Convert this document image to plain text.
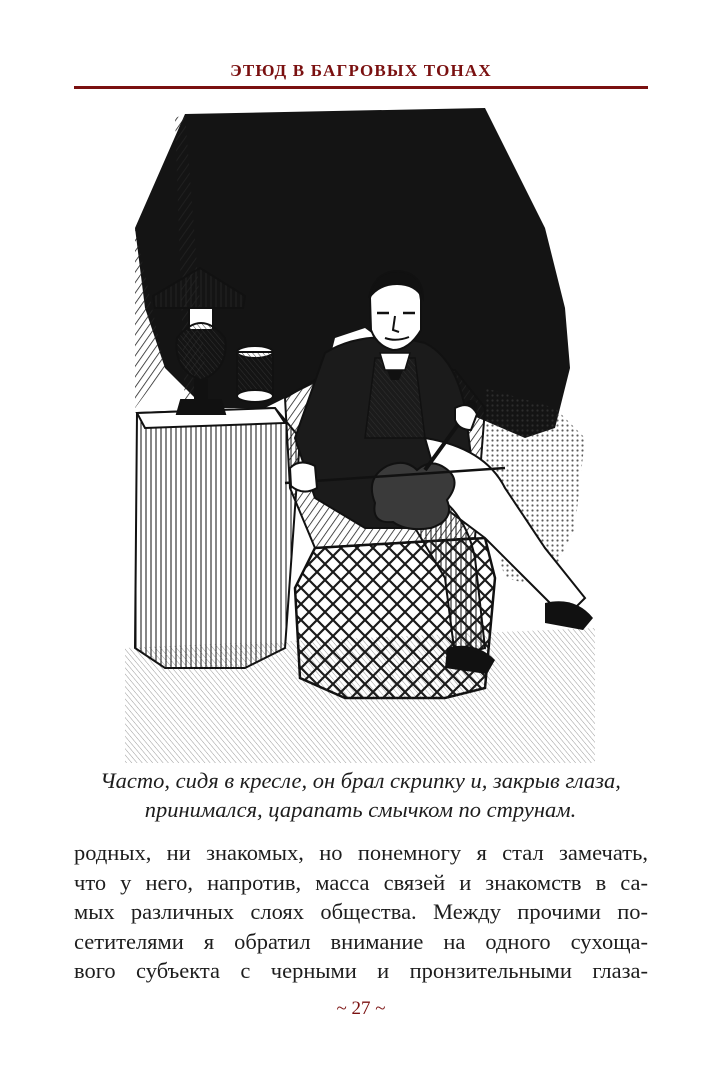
ЭТЮД В БАГРОВЫХ ТОНАХ
Часто, сидя в кресле, он брал скрипку и, закрыв глаза,
принимался, царапать смычком по струнам.
родных, ни знакомых, но понемногу я стал замечать,
что у него, напротив, масса связей и знакомств в са-
мых различных слоях общества. Между прочими по-
сетителями я обратил внимание на одного сухоща-
вого субъекта с черными и пронзительными глаза-
~ 27 ~
